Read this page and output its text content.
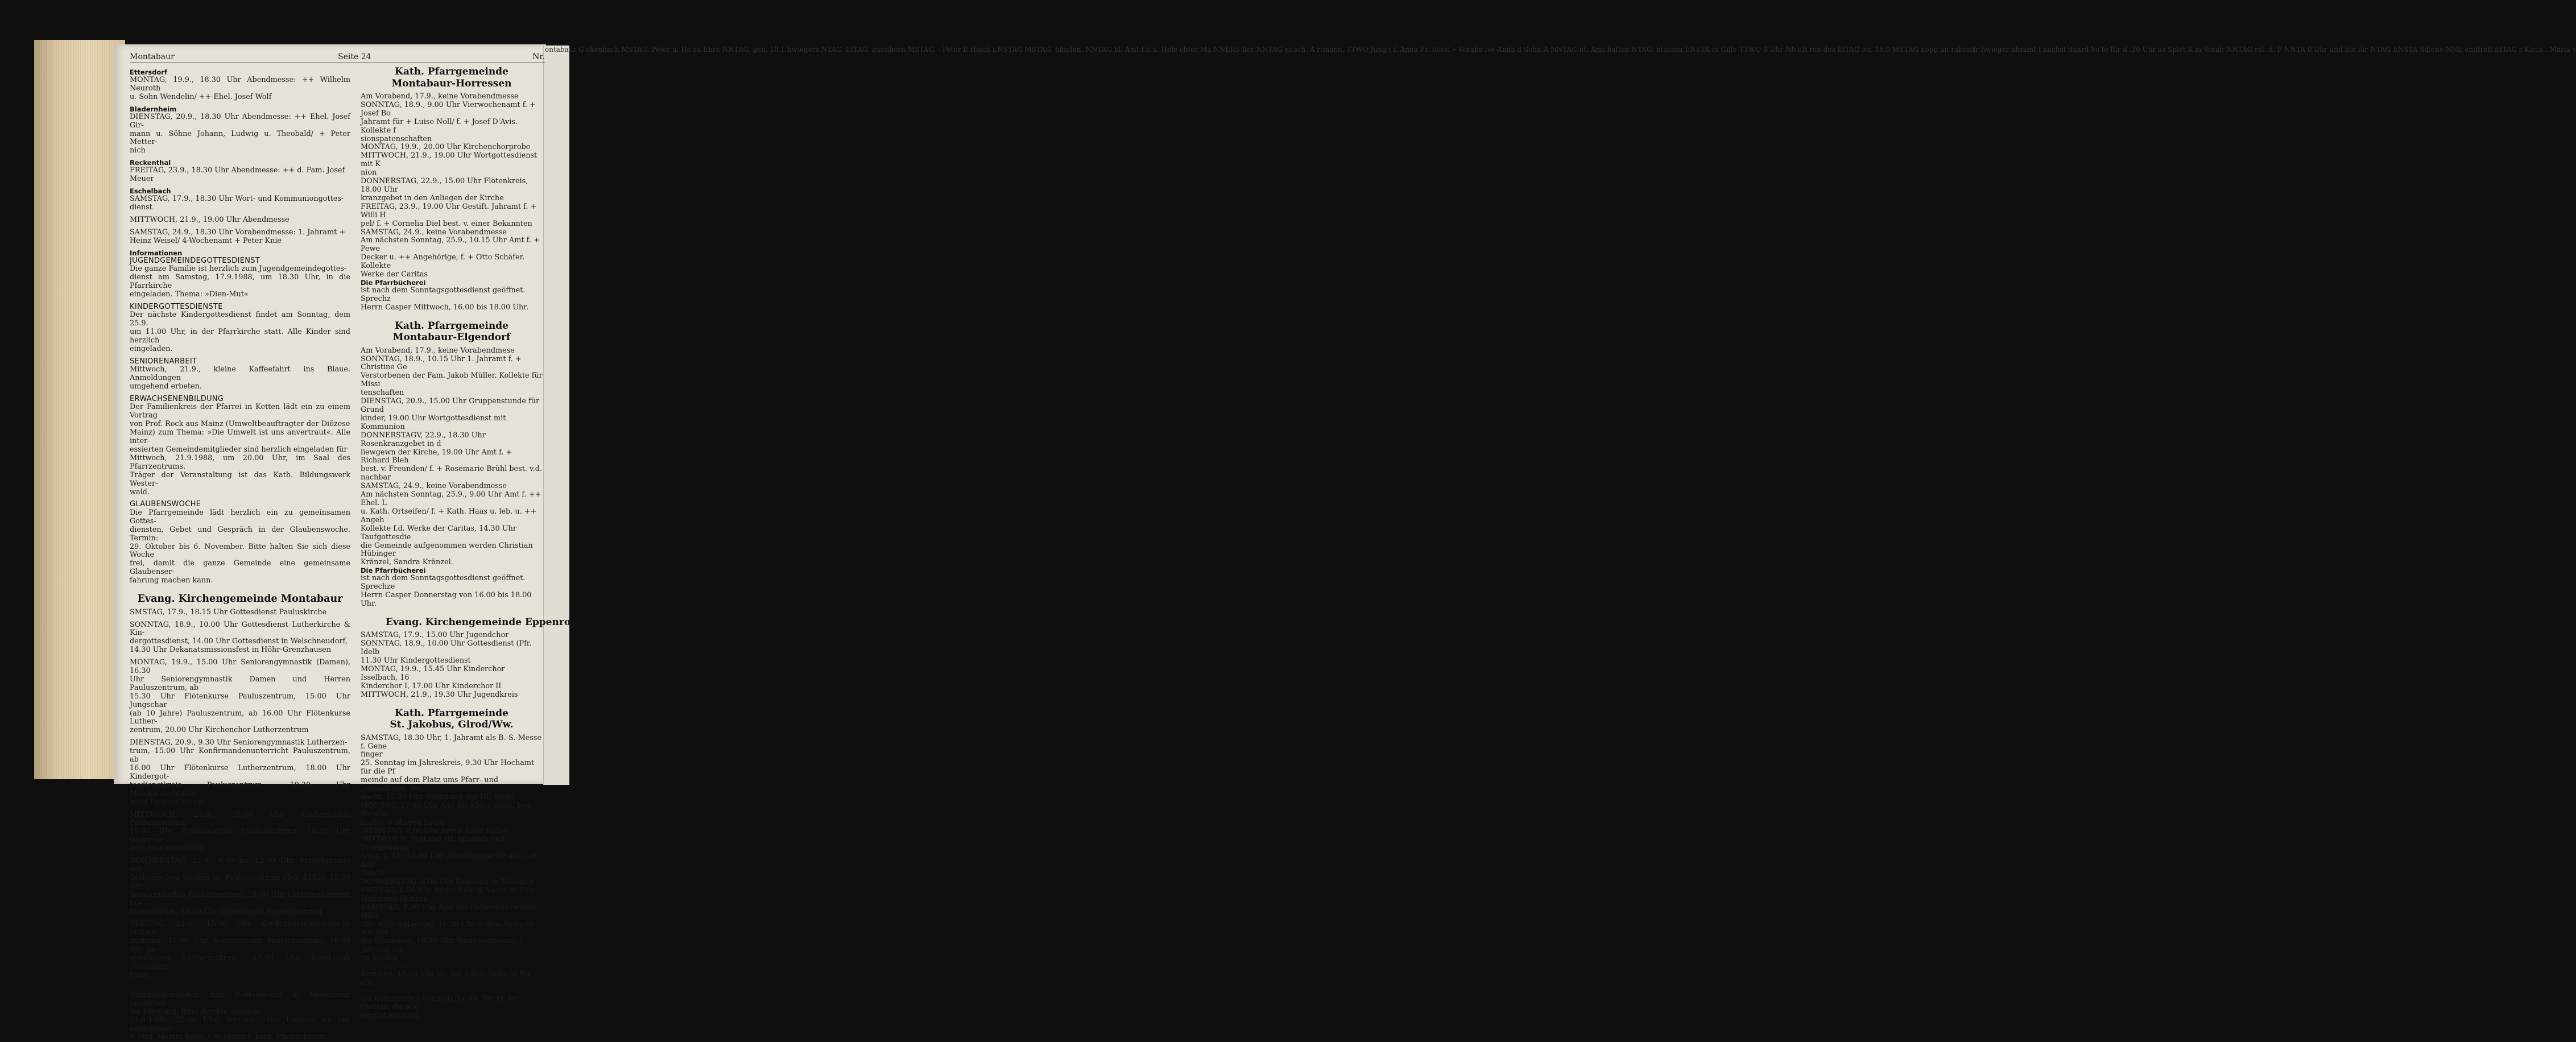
ontabaur G ckenbach MSTAG, Peter u. He zu Ehre NNTAG, gen, 10.1 hwiegers NTAG, EITAG, irzenborn MSTAG, - Peter E rbach ENSTAG MSTAG, hlhofen, NNTAG bl. Amt f h u. Hele chter Ma NNERS ller NNTAG eitsch, A rtmann, TTWO Jung ( f. Anna Fr. Rössl » Vorabe lve-Anda d Sohn A NNTAG nt: Amt haften NTAG, ntsbasa ENSTA rz Gille TTWO 0 Uhr NNER ren des EITAG ier, 16.0 MSTAG nopp un rabendr hwieger ahramt f nächst duard Vo te für d .30 Uhr as Splet K m Vorab NNTAG rst. d. F NNTA 0 Uhr und kte für NTAG ENSTA ßdiene NNE endtreff EITAG r Kirch . Maria v
Montabaur	Seite 24	Nr.
Ettersdorf
MONTAG, 19.9., 18.30 Uhr Abendmesse: ++ Wilhelm Neuroth
u. Sohn Wendelin/ ++ Ehel. Josef Wolf
Bladernheim
DIENSTAG, 20.9., 18.30 Uhr Abendmesse: ++ Ehel. Josef Gir-
mann u. Söhne Johann, Ludwig u. Theobald/ + Peter Metter-
nich
Reckenthal
FREITAG, 23.9., 18.30 Uhr Abendmesse: ++ d. Fam. Josef
Meuer
Eschelbach
SAMSTAG, 17.9., 18.30 Uhr Wort- und Kommuniongottes-
dienst
MITTWOCH, 21.9., 19.00 Uhr Abendmesse
SAMSTAG, 24.9., 18.30 Uhr Vorabendmesse: 1. Jahramt +
Heinz Weisel/ 4-Wochenamt + Peter Knie
Informationen
JUGENDGEMEINDEGOTTESDIENST
Die ganze Familie ist herzlich zum Jugendgemeindegottes-
dienst am Samstag, 17.9.1988, um 18.30 Uhr, in die Pfarrkirche
eingeladen. Thema: »Dien-Mut«
KINDERGOTTESDIENSTE
Der nächste Kindergottesdienst findet am Sonntag, dem 25.9.
um 11.00 Uhr, in der Pfarrkirche statt. Alle Kinder sind herzlich
eingeladen.
SENIORENARBEIT
Mittwoch, 21.9., kleine Kaffeefahrt ins Blaue. Anmeldungen
umgehend erbeten.
ERWACHSENENBILDUNG
Der Familienkreis der Pfarrei in Ketten lädt ein zu einem Vortrag
von Prof. Rock aus Mainz (Umweltbeauftragter der Diözese
Mainz) zum Thema: »Die Umwelt ist uns anvertraut«. Alle inter-
essierten Gemeindemitglieder sind herzlich eingeladen für
Mittwoch, 21.9.1988, um 20.00 Uhr, im Saal des Pfarrzentrums.
Träger der Veranstaltung ist das Kath. Bildungswerk Wester-
wald.
GLAUBENSWOCHE
Die Pfarrgemeinde lädt herzlich ein zu gemeinsamen Gottes-
diensten, Gebet und Gespräch in der Glaubenswoche. Termin:
29. Oktober bis 6. November. Bitte halten Sie sich diese Woche
frei, damit die ganze Gemeinde eine gemeinsame Glaubenser-
fahrung machen kann.
Evang. Kirchengemeinde Montabaur
SMSTAG, 17.9., 18.15 Uhr Gottesdienst Pauluskirche
SONNTAG, 18.9., 10.00 Uhr Gottesdienst Lutherkirche & Kin-
dergottesdienst, 14.00 Uhr Gottesdienst in Welschneudorf,
14.30 Uhr Dekanatsmissionsfest in Höhr-Grenzhausen
MONTAG, 19.9., 15.00 Uhr Seniorengymnastik (Damen), 16.30
Uhr Seniorengymnastik Damen und Herren Pauluszentrum, ab
15.30 Uhr Flötenkurse Pauluszentrum, 15.00 Uhr Jungschar
(ab 10 Jahre) Pauluszentrum, ab 16.00 Uhr Flötenkurse Luther-
zentrum, 20.00 Uhr Kirchenchor Lutherzentrum
DIENSTAG, 20.9., 9.30 Uhr Seniorengymnastik Lutherzen-
trum, 15.00 Uhr Konfirmandenunterricht Pauluszentrum, ab
16.00 Uhr Flötenkurse Lutherzentrum, 18.00 Uhr Kindergot-
tesdienstkreis Pauluszentrum, 19.30 Uhr Musikausschußsit-
zung Pauluszentrum
MITTWOCH, 21.9., 15.00 Uhr Kinderstunde Pauluszentrum,
19.30 Uhr Posaunenchor Pauluszentrum, 18.30 Uhr Gitarren-
kurs Pauluszentrum
DONNERSTAG, 22.9., 9.00 bis 12.00 Uhr Sprechstunde des
Diakonischen Werkes im Pauluszentrum (Tel. 4282), 15.30 Uhr
Seniorenkaffee Pauluszentrum, 19.00 Uhr Lektorenkonvent Lu-
therzentrum, 20.00 Uhr Bibelstunde Pauluszentrum
FREITAG, 23.9., 15.00 Uhr Konfirmandenunterricht Luther-
zentrum, 15.00 Uhr Seniorentanz Pauluszentrum, 18.00 Uhr Ju-
gendabend Lutherzentrum, 17.00 Uhr Konfi-Club Pauslusen-
trum
Hinweise
Fahrgelegenheiten zum Gottesdienst in Montabaur vermittelt
Ihr Pfarramt. Bitte dorthin wenden.
21.9.1988, 20.00 Uhr, Vortrag: »Die Umwelt ist uns anvertraut«
v. Prof. Martin Rock, Uni Mainz i. kath. Pfarrzentrum.
Kath. Pfarrgemeinde
Montabaur-Horressen
Am Vorabend, 17.9., keine Vorabendmesse
SONNTAG, 18.9., 9.00 Uhr Vierwochenamt f. + Josef Bo
Jahramt für + Luise Noll/ f. + Josef D'Avis. Kollekte f
sionspatenschaften
MONTAG, 19.9., 20.00 Uhr Kirchenchorprobe
MITTWOCH, 21.9., 19.00 Uhr Wortgottesdienst mit K
nion
DONNERSTAG, 22.9., 15.00 Uhr Flötenkreis, 18.00 Uhr
kranzgebet in den Anliegen der Kirche
FREITAG, 23.9., 19.00 Uhr Gestift. Jahramt f. + Willi H
pel/ f. + Cornelia Diel best. v. einer Bekannten
SAMSTAG, 24.9., keine Vorabendmesse
Am nächsten Sonntag, 25.9., 10.15 Uhr Amt f. + Pewe
Decker u. ++ Angehörige, f. + Otto Schäfer. Kollekte
Werke der Caritas
Die Pfarrbücherei
ist nach dem Sonntagsgottesdienst geöffnet. Sprechz
Herrn Casper Mittwoch, 16.00 bis 18.00 Uhr.
Kath. Pfarrgemeinde
Montabaur-Elgendorf
Am Vorabend, 17.9., keine Vorabendmese
SONNTAG, 18.9., 10.15 Uhr 1. Jahramt f. + Christine Ge
Verstorbenen der Fam. Jakob Müller. Kollekte für Missi
tenschaften
DIENSTAG, 20.9., 15.00 Uhr Gruppenstunde für Grund
kinder, 19.00 Uhr Wortgottesdienst mit Kommunion
DONNERSTAGV, 22.9., 18.30 Uhr Rosenkranzgebet in d
liewgewn der Kirche, 19.00 Uhr Amt f. + Richard Bleh
best. v. Freunden/ f. + Rosemarie Brühl best. v.d. nachbar
SAMSTAG, 24.9., keine Vorabendmesse
Am nächsten Sonntag, 25.9., 9.00 Uhr Amt f. ++ Ehel. L
u. Kath. Ortseifen/ f. + Kath. Haas u. leb. u. ++ Angeh
Kollekte f.d. Werke der Caritas, 14.30 Uhr Taufgottesdie
die Gemeinde aufgenommen werden Christian Hübinger
Kränzel, Sandra Kränzel.
Die Pfarrbücherei
ist nach dem Sonntagsgottesdienst geöffnet. Sprechze
Herrn Casper Donnerstag von 16.00 bis 18.00 Uhr.
Evang. Kirchengemeinde Eppenrod
SAMSTAG, 17.9., 15.00 Uhr Jugendchor
SONNTAG, 18.9., 10.00 Uhr Gottesdienst (Pfr. Idelb
11.30 Uhr Kindergottesdienst
MONTAG, 19.9., 15.45 Uhr Kinderchor Isselbach, 16
Kinderchor I, 17.00 Uhr Kinderchor II
MITTWOCH, 21.9., 19.30 Uhr Jugendkreis
Kath. Pfarrgemeinde
St. Jakobus, Girod/Ww.
SAMSTAG, 18.30 Uhr, 1. Jahramt als B.-S.-Messe f. Gene
finger
25. Sonntag im Jahreskreis, 9.30 Uhr Hochamt für die Pf
meinde auf dem Platz ums Pfarr- und Jugendheim. Reg
dacht. 13.30 Uhr Spendung der Hl. Taufe
MONTAG, 17.00 Uhr Amt für Klaus Klein, bes. für alle
kinder + älteren Leute
DIENSTAG, 8.00 Uhr Amt f. Josef Göbel
MITTWOCH, Fest des Hl. Apostels und Evangelisten
häus, 2. Kl., 19.00 Uhr Abendmesse für alle - dt. Amt
Bauch
DONNERSTAG, 8.00 Uhr Dankamt in Meinung
FREITAG, 8.00 Uhr Amt f. Leb. u. Verst. d. Fam
Hoffmann-Henkes
SAMSTAG, 8.00 Uhr Amt zur Immerwährenden Hilfe
Uhr stille Anbetung, 16.30 Uhr S alve-Andacht: Wir bet
die Missionen, 18.30 Uhr Vorabendmesse, 1. Jahramt für
ne Steden.
Beichtgelegenheit:
Samstag, 16.00 Uhr bis zur Salve-Andacht für alle.
Kollekte
am kommenden Sonntag für die Werke der Caritas, die alle
empfohlen wird.
